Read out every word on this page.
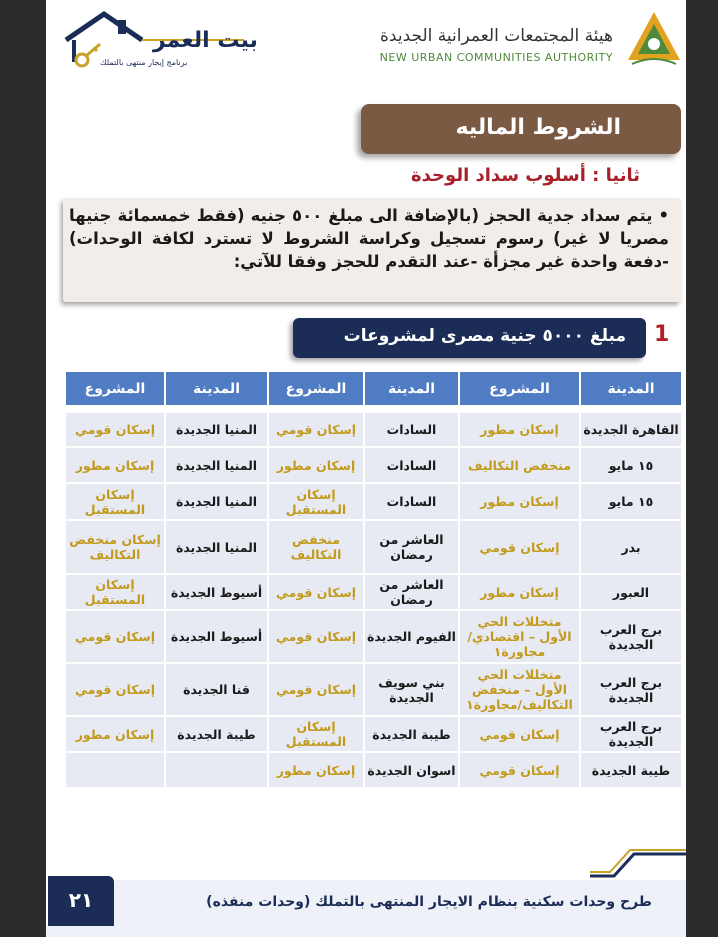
بيت العمر
برنامج إيجار منتهى بالتملك
هيئة المجتمعات العمرانية الجديدة
NEW URBAN COMMUNITIES AUTHORITY
الشروط الماليه
ثانيا : أسلوب سداد الوحدة
• يتم سداد جدية الحجز (بالإضافة الى مبلغ ٥٠٠ جنيه (فقط خمسمائة جنيها مصريا لا غير) رسوم تسجيل وكراسة الشروط لا تسترد لكافة الوحدات) -دفعة واحدة غير مجزأة -عند التقدم للحجز وفقا للآتي:
1
مبلغ ٥٠٠٠ جنية مصرى لمشروعات
المدينة	المشروع	المدينة	المشروع	المدينة	المشروع

القاهرة الجديدة	إسكان مطور	السادات	إسكان قومي	المنيا الجديدة	إسكان قومي
١٥ مايو	منخفض التكاليف	السادات	إسكان مطور	المنيا الجديدة	إسكان مطور
١٥ مايو	إسكان مطور	السادات	إسكان المستقبل	المنيا الجديدة	إسكان المستقبل
بدر	إسكان قومي	العاشر من رمضان	منخفض التكاليف	المنيا الجديدة	إسكان منخفض التكاليف
العبور	إسكان مطور	العاشر من رمضان	إسكان قومي	أسيوط الجديدة	إسكان المستقبل
برج العرب الجديدة	متخللات الحي الأول – اقتصادي/مجاورة١	الفيوم الجديدة	إسكان قومي	أسيوط الجديدة	إسكان قومي
برج العرب الجديدة	متخللات الحي الأول – منخفض التكاليف/مجاورة١	بني سويف الجديدة	إسكان قومي	قنا الجديدة	إسكان قومي
برج العرب الجديدة	إسكان قومي	طيبة الجديدة	إسكان المستقبل	طيبة الجديدة	إسكان مطور
طيبة الجديدة	إسكان قومي	اسوان الجديدة	إسكان مطور		
طرح وحدات سكنية بنظام الايجار المنتهى بالتملك (وحدات منفذه)
٢١
